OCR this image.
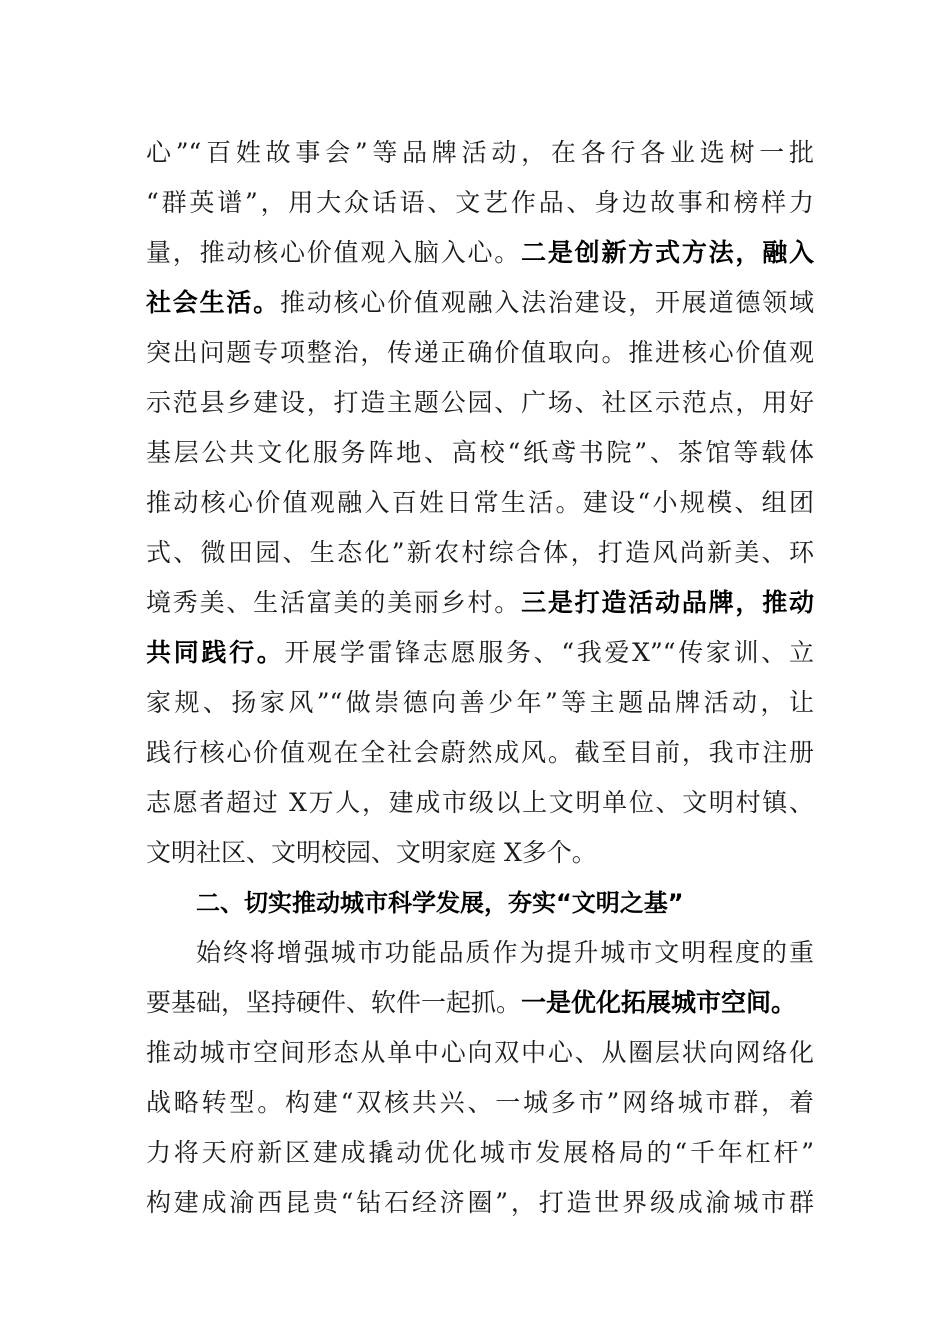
心”“百姓故事会”等品牌活动，在各行各业选树一批
“群英谱”，用大众话语、文艺作品、身边故事和榜样力
量，推动核心价值观入脑入心。二是创新方式方法，融入
社会生活。推动核心价值观融入法治建设，开展道德领域
突出问题专项整治，传递正确价值取向。推进核心价值观
示范县乡建设，打造主题公园、广场、社区示范点，用好
基层公共文化服务阵地、高校“纸鸢书院”、茶馆等载体
推动核心价值观融入百姓日常生活。建设“小规模、组团
式、微田园、生态化”新农村综合体，打造风尚新美、环
境秀美、生活富美的美丽乡村。三是打造活动品牌，推动
共同践行。开展学雷锋志愿服务、“我爱X”“传家训、立
家规、扬家风”“做崇德向善少年”等主题品牌活动，让
践行核心价值观在全社会蔚然成风。截至目前，我市注册
志愿者超过 X万人，建成市级以上文明单位、文明村镇、
文明社区、文明校园、文明家庭 X多个。
二、切实推动城市科学发展，夯实“文明之基”
始终将增强城市功能品质作为提升城市文明程度的重
要基础，坚持硬件、软件一起抓。一是优化拓展城市空间。
推动城市空间形态从单中心向双中心、从圈层状向网络化
战略转型。构建“双核共兴、一城多市”网络城市群，着
力将天府新区建成撬动优化城市发展格局的“千年杠杆”
构建成渝西昆贵“钻石经济圈”，打造世界级成渝城市群
